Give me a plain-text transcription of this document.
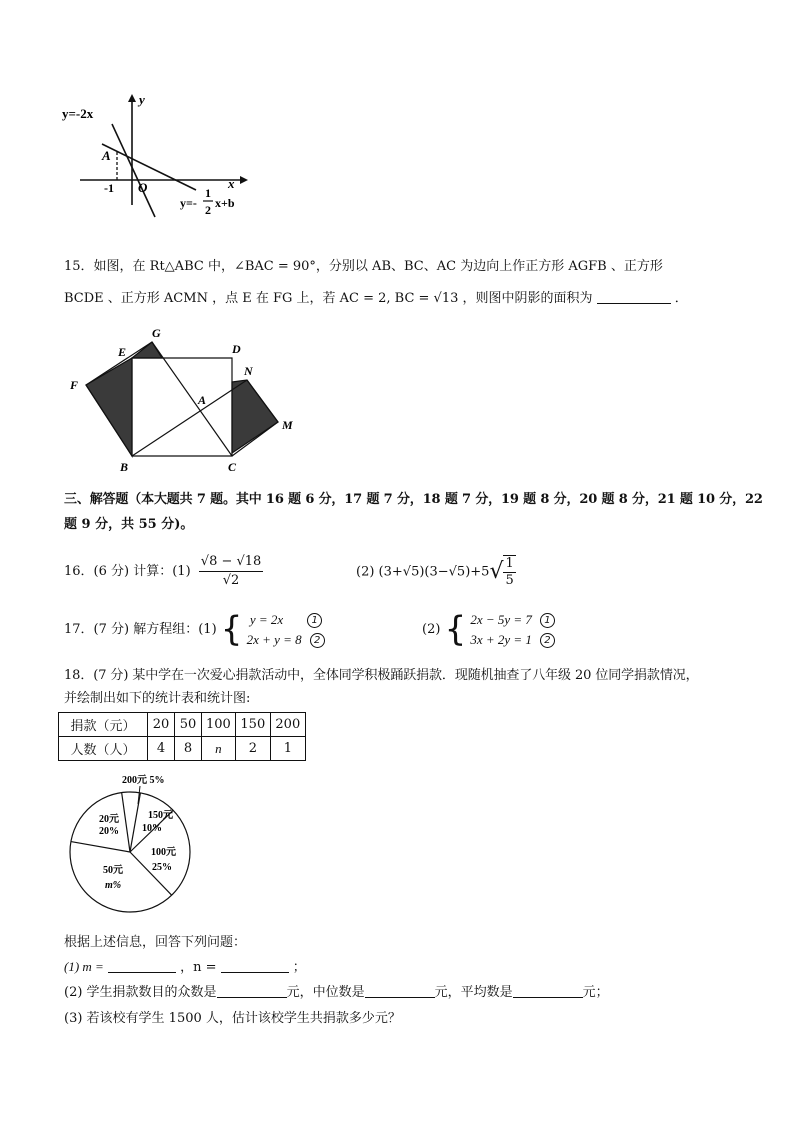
y=-2x
y
x
A
-1 O
y=-
1
2 x+b
15．如图，在 Rt△ABC 中，∠BAC = 90°，分别以 AB、BC、AC 为边向上作正方形 AGFB 、正方形
BCDE 、正方形 ACMN ，点 E 在 FG 上，若 AC = 2, BC = √13 ，则图中阴影的面积为	．
G
E	D
N
F
A
M
B	C
三、解答题（本大题共 7 题。其中 16 题 6 分，17 题 7 分，18 题 7 分，19 题 8 分，20 题 8 分，21 题 10 分，22
题 9 分，共 55 分)。
16．(6 分) 计算：$(1) \frac{√8 - √18}{√2}$	(2) $(3+√5)(3-√5)+5√ \frac{1}{5}$
17．(7 分) 解方程组：(1) { y = 2x	1
2x + y = 8 2
(2) { 2x − 5y = 7 1
3x + 2y = 1 2
18．(7 分) 某中学在一次爱心捐款活动中，全体同学积极踊跃捐款．现随机抽查了八年级 20 位同学捐款情况，
并绘制出如下的统计表和统计图:
捐款（元）	20	50	100	150	200
人数（人）	4	8	n	2	1
200元 5%
150元
10%
100元
25%
50元
m%
20元
20%
根据上述信息，回答下列问题：
(1) m =	，n =	；
(2) 学生捐款数目的众数是	元，中位数是	元，平均数是	元；
(3) 若该校有学生 1500 人，估计该校学生共捐款多少元？
